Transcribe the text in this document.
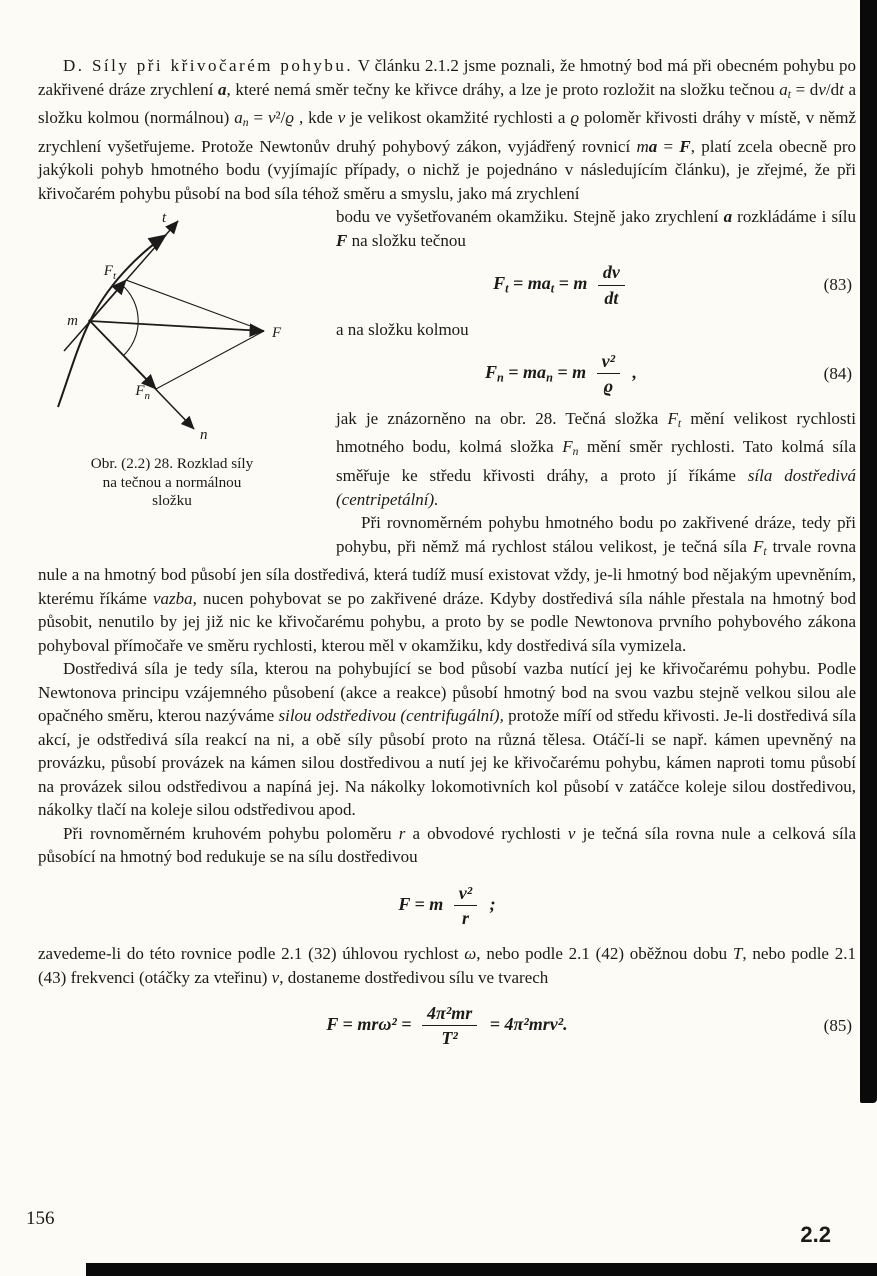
D. Síly při křivočarém pohybu. V článku 2.1.2 jsme poznali, že hmotný bod má při obecném pohybu po zakřivené dráze zrychlení a, které nemá směr tečny ke křivce dráhy, a lze je proto rozložit na složku tečnou $a_t = dv/dt$ a složku kolmou (normálnou) $a_n = v^2/ϱ$ , kde v je velikost okamžité rychlosti a ϱ poloměr křivosti dráhy v místě, v němž zrychlení vyšetřujeme. Protože Newtonův druhý pohybový zákon, vyjádřený rovnicí ma = F, platí zcela obecně pro jakýkoli pohyb hmotného bodu (vyjímajíc případy, o nichž je pojednáno v následujícím článku), je zřejmé, že při křivočarém pohybu působí na bod síla téhož směru a smyslu, jako má zrychlení

t
F
m
n
$F_t$
$F_n$
Obr. (2.2) 28. Rozklad síly
na tečnou a normálnou
složku

bodu ve vyšetřovaném okamžiku. Stejně jako zrychlení a rozkládáme i sílu F na složku tečnou

$F_t = ma_t = m \frac{dv}{dt}$	(83)

a na složku kolmou

$F_n = ma_n = m \frac{\text{v²}}{ϱ}$ ,	(84)

jak je znázorněno na obr. 28. Tečná složka $F_t$ mění velikost rychlosti hmotného bodu, kolmá složka $F_n$ mění směr rychlosti. Tato kolmá síla směřuje ke středu křivosti dráhy, a proto jí říkáme síla dostředivá (centripetální).

Při rovnoměrném pohybu hmotného bodu po zakřivené dráze, tedy při pohybu, při němž má rychlost stálou velikost, je tečná síla $F_t$ trvale rovna nule a na hmotný bod působí jen síla dostředivá, která tudíž musí existovat vždy, je-li hmotný bod nějakým upevněním, kterému říkáme vazba, nucen pohybovat se po zakřivené dráze. Kdyby dostředivá síla náhle přestala na hmotný bod působit, nenutilo by jej již nic ke křivočarému pohybu, a proto by se podle Newtonova prvního pohybového zákona pohyboval přímočaře ve směru rychlosti, kterou měl v okamžiku, kdy dostředivá síla vymizela.

Dostředivá síla je tedy síla, kterou na pohybující se bod působí vazba nutící jej ke křivočarému pohybu. Podle Newtonova principu vzájemného působení (akce a reakce) působí hmotný bod na svou vazbu stejně velkou silou ale opačného směru, kterou nazýváme silou odstředivou (centrifugální), protože míří od středu křivosti. Je-li dostředivá síla akcí, je odstředivá síla reakcí na ni, a obě síly působí proto na různá tělesa. Otáčí-li se např. kámen upevněný na provázku, působí provázek na kámen silou dostředivou a nutí jej ke křivočarému pohybu, kámen naproti tomu působí na provázek silou odstředivou a napíná jej. Na nákolky lokomotivních kol působí v zatáčce koleje silou dostředivou, nákolky tlačí na koleje silou odstředivou apod.

Při rovnoměrném kruhovém pohybu poloměru r a obvodové rychlosti v je tečná síla rovna nule a celková síla působící na hmotný bod redukuje se na sílu dostředivou

F = m $\frac{\text{v²}}{r}$ ;

zavedeme-li do této rovnice podle 2.1 (32) úhlovou rychlost ω, nebo podle 2.1 (42) oběžnou dobu T, nebo podle 2.1 (43) frekvenci (otáčky za vteřinu) ν, dostaneme dostředivou sílu ve tvarech

$F = mr\omega^2 = \frac{\text{4π²mr}}{\text{T²}} = 4\pi^2mr\nu^2$.	(85)
156
2.2
